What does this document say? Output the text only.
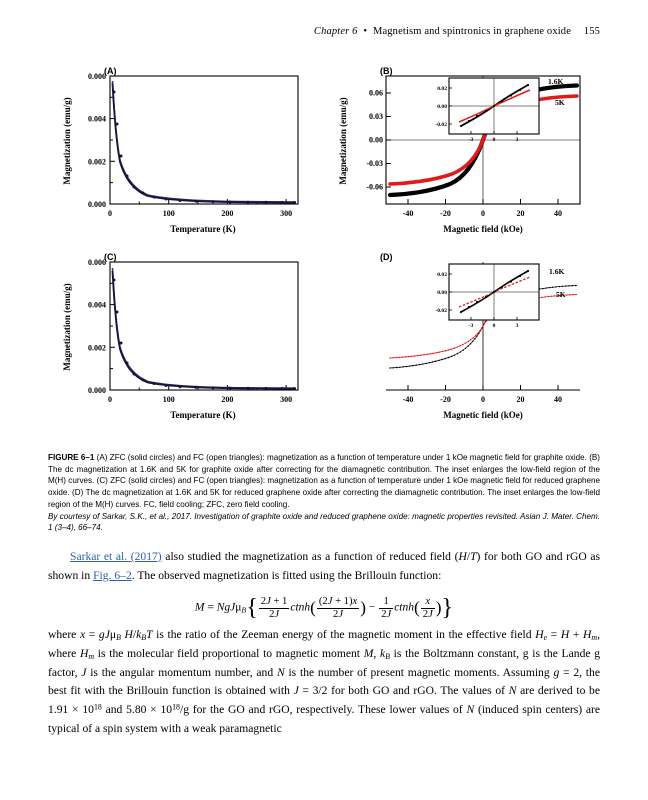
Chapter 6 • Magnetism and spintronics in graphene oxide 155
(A)
0.000
0.002
0.004
0.006
0	100	200	300
Temperature (K)
Magnetization (emu/g)
(B)
0.02
0.00
-0.02
-3	0	3
1.6K
5K
0.06
0.03
0.00
-0.03
-0.06
-40	-20	0	20	40
Magnetic field (kOe)
Magnetization (emu/g)
(C)
0.000
0.002
0.004
0.006
0	100	200	300
Temperature (K)
Magnetization (emu/g)
(D)
0.02
0.00
-0.02
-3	0	3
1.6K
5K
-40	-20	0	20	40
Magnetic field (kOe)
FIGURE 6–1 (A) ZFC (solid circles) and FC (open triangles): magnetization as a function of temperature under 1 kOe magnetic field for graphite oxide. (B) The dc magnetization at 1.6K and 5K for graphite oxide after correcting for the diamagnetic contribution. The inset enlarges the low-field region of the M(H) curves. (C) ZFC (solid circles) and FC (open triangles): magnetization as a function of temperature under 1 kOe magnetic field for reduced graphene oxide. (D) The dc magnetization at 1.6K and 5K for reduced graphene oxide after correcting the diamagnetic contribution. The inset enlarges the low-field region of the M(H) curves. FC, field cooling; ZFC, zero field cooling.
By courtesy of Sarkar, S.K., et al., 2017. Investigation of graphite oxide and reduced graphene oxide: magnetic properties revisited. Asian J. Mater. Chem. 1 (3–4), 66–74.
Sarkar et al. (2017) also studied the magnetization as a function of reduced field (H/T) for both GO and rGO as shown in Fig. 6–2. The observed magnetization is fitted using the Brillouin function:
$M = NgJ\mu_B\{ \frac{2J + 1}{2J}$ ctnh( $\frac{(2J + 1)x}{2J}$ ) − $\frac{1}{2J}$ ctnh( $\frac{x}{2J}$ )}
where x = gJμ$_B$ $H/k_BT$ is the ratio of the Zeeman energy of the magnetic moment in the effective field $H_e = H + H_m$, where $H_m$ is the molecular field proportional to magnetic moment M, $k_B$ is the Boltzmann constant, g is the Lande g factor, J is the angular momentum number, and N is the number of present magnetic moments. Assuming g = 2, the best fit with the Brillouin function is obtained with J = 3/2 for both GO and rGO. The values of N are derived to be $1.91 \times 10^{18}$ and $5.80 \times 10^{18}/g$ for the GO and rGO, respectively. These lower values of N (induced spin centers) are typical of a spin system with a weak paramagnetic
